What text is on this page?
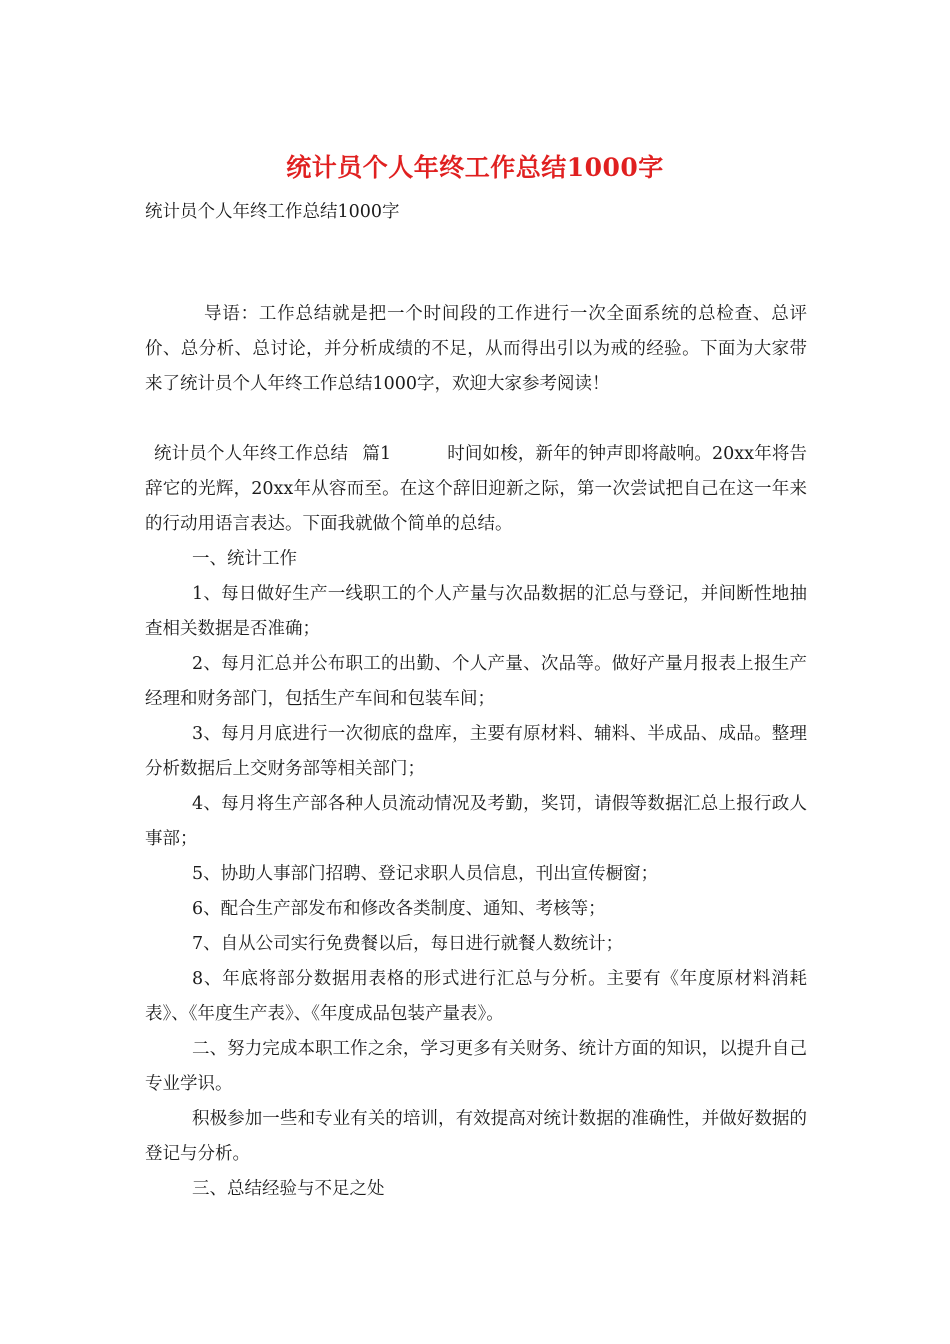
统计员个人年终工作总结1000字
统计员个人年终工作总结1000字

导语：工作总结就是把一个时间段的工作进行一次全面系统的总检查、总评价、总分析、总讨论，并分析成绩的不足，从而得出引以为戒的经验。下面为大家带来了统计员个人年终工作总结1000字，欢迎大家参考阅读！

统计员个人年终工作总结 篇1	时间如梭，新年的钟声即将敲响。20xx年将告辞它的光辉，20xx年从容而至。在这个辞旧迎新之际，第一次尝试把自己在这一年来的行动用语言表达。下面我就做个简单的总结。

一、统计工作

1、每日做好生产一线职工的个人产量与次品数据的汇总与登记，并间断性地抽查相关数据是否准确；

2、每月汇总并公布职工的出勤、个人产量、次品等。做好产量月报表上报生产经理和财务部门，包括生产车间和包装车间；

3、每月月底进行一次彻底的盘库，主要有原材料、辅料、半成品、成品。整理分析数据后上交财务部等相关部门；

4、每月将生产部各种人员流动情况及考勤，奖罚，请假等数据汇总上报行政人事部；

5、协助人事部门招聘、登记求职人员信息，刊出宣传橱窗；

6、配合生产部发布和修改各类制度、通知、考核等；

7、自从公司实行免费餐以后，每日进行就餐人数统计；

8、年底将部分数据用表格的形式进行汇总与分析。主要有《年度原材料消耗表》、《年度生产表》、《年度成品包装产量表》。

二、努力完成本职工作之余，学习更多有关财务、统计方面的知识，以提升自己专业学识。

积极参加一些和专业有关的培训，有效提高对统计数据的准确性，并做好数据的登记与分析。

三、总结经验与不足之处
